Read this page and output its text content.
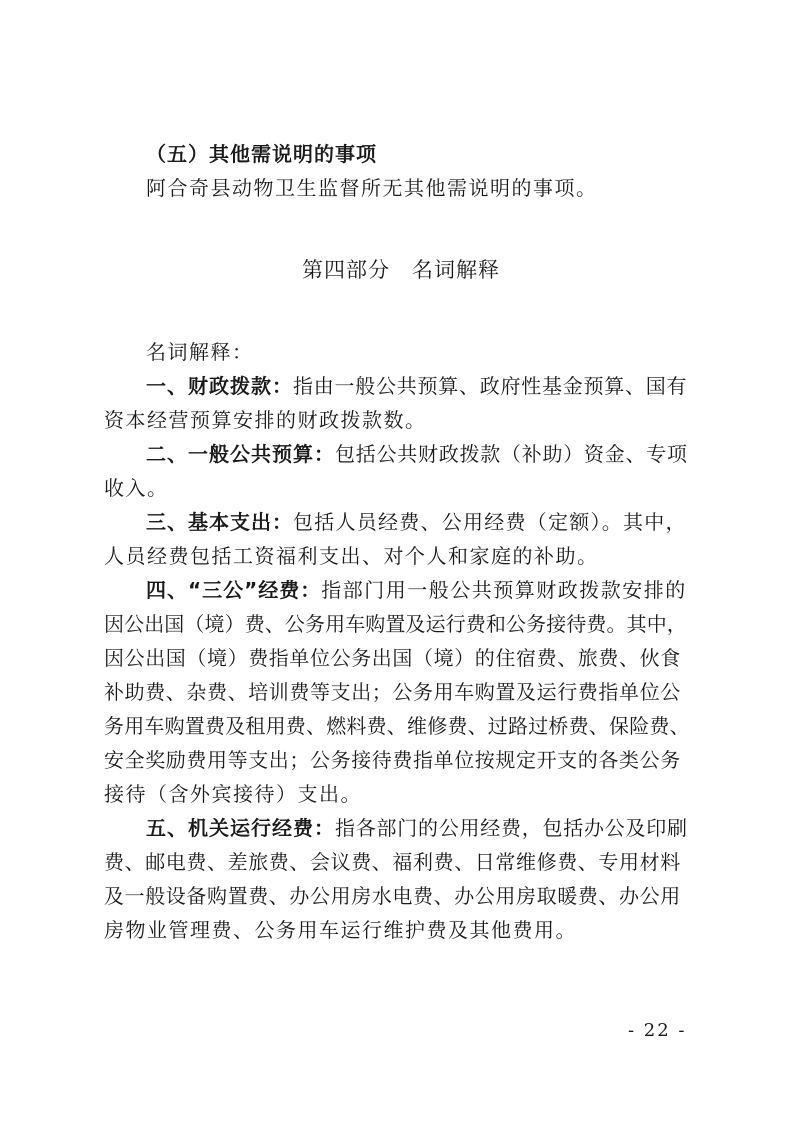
（五）其他需说明的事项
阿合奇县动物卫生监督所无其他需说明的事项。
第四部分　名词解释
名词解释：
一、财政拨款：指由一般公共预算、政府性基金预算、国有
资本经营预算安排的财政拨款数。
二、一般公共预算：包括公共财政拨款（补助）资金、专项
收入。
三、基本支出：包括人员经费、公用经费（定额）。其中，
人员经费包括工资福利支出、对个人和家庭的补助。
四、“三公”经费：指部门用一般公共预算财政拨款安排的
因公出国（境）费、公务用车购置及运行费和公务接待费。其中，
因公出国（境）费指单位公务出国（境）的住宿费、旅费、伙食
补助费、杂费、培训费等支出；公务用车购置及运行费指单位公
务用车购置费及租用费、燃料费、维修费、过路过桥费、保险费、
安全奖励费用等支出；公务接待费指单位按规定开支的各类公务
接待（含外宾接待）支出。
五、机关运行经费：指各部门的公用经费，包括办公及印刷
费、邮电费、差旅费、会议费、福利费、日常维修费、专用材料
及一般设备购置费、办公用房水电费、办公用房取暖费、办公用
房物业管理费、公务用车运行维护费及其他费用。
- 22 -
